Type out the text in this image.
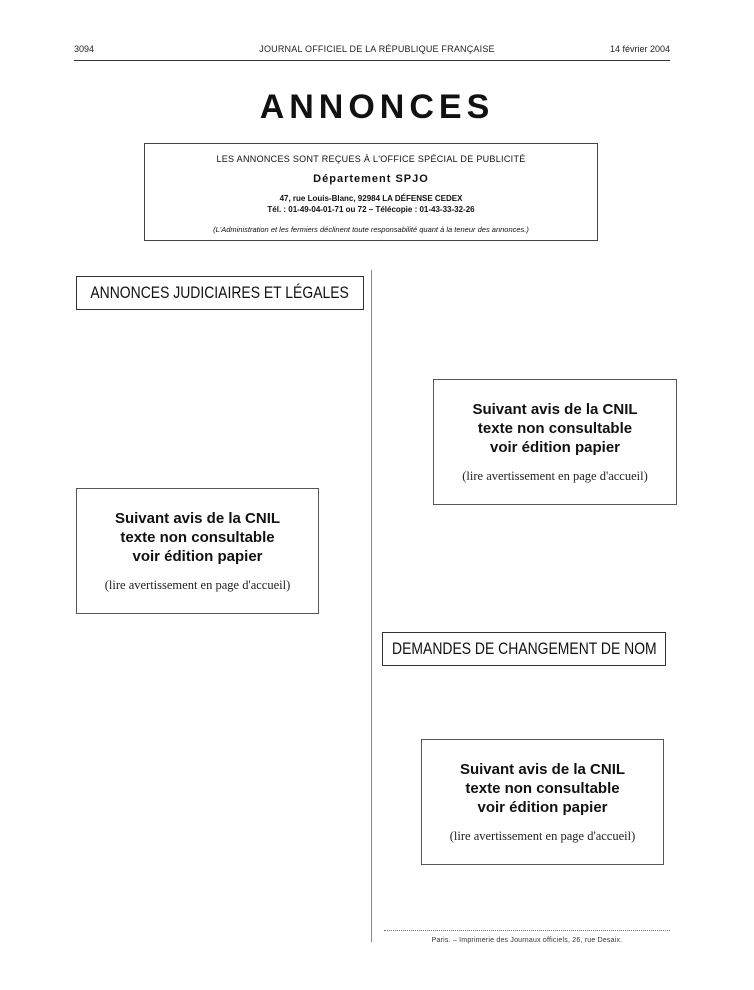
3094	JOURNAL OFFICIEL DE LA RÉPUBLIQUE FRANÇAISE	14 février 2004
ANNONCES
LES ANNONCES SONT REÇUES À L'OFFICE SPÉCIAL DE PUBLICITÉ
Département SPJO
47, rue Louis-Blanc, 92984 LA DÉFENSE CEDEX
Tél. : 01-49-04-01-71 ou 72 – Télécopie : 01-43-33-32-26
(L'Administration et les fermiers déclinent toute responsabilité quant à la teneur des annonces.)
ANNONCES JUDICIAIRES ET LÉGALES
Suivant avis de la CNIL
texte non consultable
voir édition papier
(lire avertissement en page d'accueil)
Suivant avis de la CNIL
texte non consultable
voir édition papier
(lire avertissement en page d'accueil)
DEMANDES DE CHANGEMENT DE NOM
Suivant avis de la CNIL
texte non consultable
voir édition papier
(lire avertissement en page d'accueil)
Paris. – Imprimerie des Journaux officiels, 26, rue Desaix.
